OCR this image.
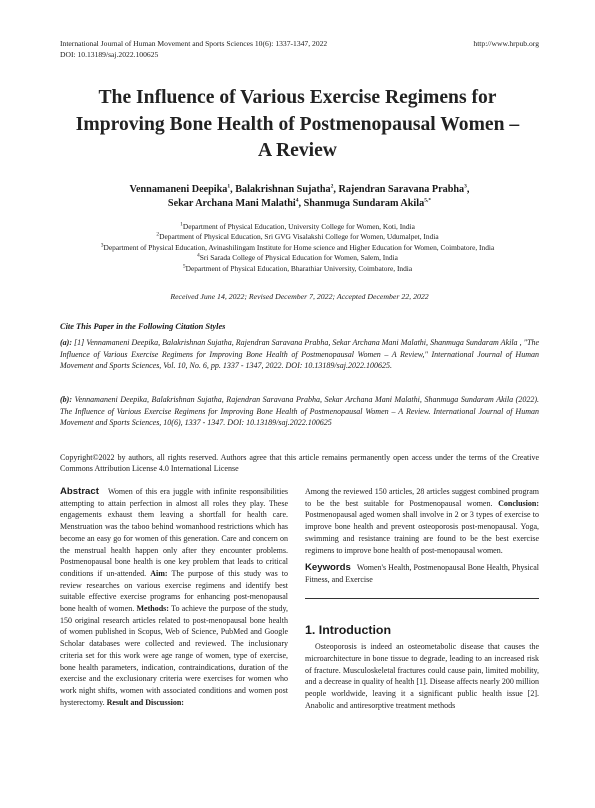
International Journal of Human Movement and Sports Sciences 10(6): 1337-1347, 2022
DOI: 10.13189/saj.2022.100625
http://www.hrpub.org
The Influence of Various Exercise Regimens for
Improving Bone Health of Postmenopausal Women –
A Review
Vennamaneni Deepika$^1$, Balakrishnan Sujatha$^2$, Rajendran Saravana Prabha$^3$,
Sekar Archana Mani Malathi$^4$, Shanmuga Sundaram Akila$^{5,*}$
$^1$Department of Physical Education, University College for Women, Koti, India
$^2$Department of Physical Education, Sri GVG Visalakshi College for Women, Udumalpet, India
$^3$Department of Physical Education, Avinashilingam Institute for Home science and Higher Education for Women, Coimbatore, India
$^4$Sri Sarada College of Physical Education for Women, Salem, India
$^5$Department of Physical Education, Bharathiar University, Coimbatore, India
Received June 14, 2022; Revised December 7, 2022; Accepted December 22, 2022
Cite This Paper in the Following Citation Styles
(a): [1] Vennamaneni Deepika, Balakrishnan Sujatha, Rajendran Saravana Prabha, Sekar Archana Mani Malathi, Shanmuga Sundaram Akila , "The Influence of Various Exercise Regimens for Improving Bone Health of Postmenopausal Women – A Review," International Journal of Human Movement and Sports Sciences, Vol. 10, No. 6, pp. 1337 - 1347, 2022. DOI: 10.13189/saj.2022.100625.
(b): Vennamaneni Deepika, Balakrishnan Sujatha, Rajendran Saravana Prabha, Sekar Archana Mani Malathi, Shanmuga Sundaram Akila (2022). The Influence of Various Exercise Regimens for Improving Bone Health of Postmenopausal Women – A Review. International Journal of Human Movement and Sports Sciences, 10(6), 1337 - 1347. DOI: 10.13189/saj.2022.100625
Copyright©2022 by authors, all rights reserved. Authors agree that this article remains permanently open access under the terms of the Creative Commons Attribution License 4.0 International License

Abstract Women of this era juggle with infinite responsibilities attempting to attain perfection in almost all roles they play. These engagements exhaust them leaving a shortfall for health care. Menstruation was the taboo behind womanhood restrictions which has become an easy go for women of this generation. Care and concern on the menstrual health happen only after they encounter problems. Postmenopausal bone health is one key problem that leads to critical conditions if un-attended. Aim: The purpose of this study was to review researches on various exercise regimens and identify best suitable effective exercise programs for enhancing post-menopausal bone health of women. Methods: To achieve the purpose of the study, 150 original research articles related to post-menopausal bone health of women published in Scopus, Web of Science, PubMed and Google Scholar databases were collected and reviewed. The inclusionary criteria set for this work were age range of women, type of exercise, bone health parameters, indication, contraindications, duration of the exercise and the exclusionary criteria were exercises for women who work night shifts, women with associated conditions and women post hysterectomy. Result and Discussion:

Among the reviewed 150 articles, 28 articles suggest combined program to be the best suitable for Postmenopausal women. Conclusion: Postmenopausal aged women shall involve in 2 or 3 types of exercise to improve bone health and prevent osteoporosis post-menopausal. Yoga, swimming and resistance training are found to be the best exercise regimens to improve bone health of post-menopausal women.

Keywords Women's Health, Postmenopausal Bone Health, Physical Fitness, and Exercise

1. Introduction

Osteoporosis is indeed an osteometabolic disease that causes the microarchitecture in bone tissue to degrade, leading to an increased risk of fracture. Musculoskeletal fractures could cause pain, limited mobility, and a decrease in quality of health [1]. Disease affects nearly 200 million people worldwide, leaving it a significant public health issue [2]. Anabolic and antiresorptive treatment methods
